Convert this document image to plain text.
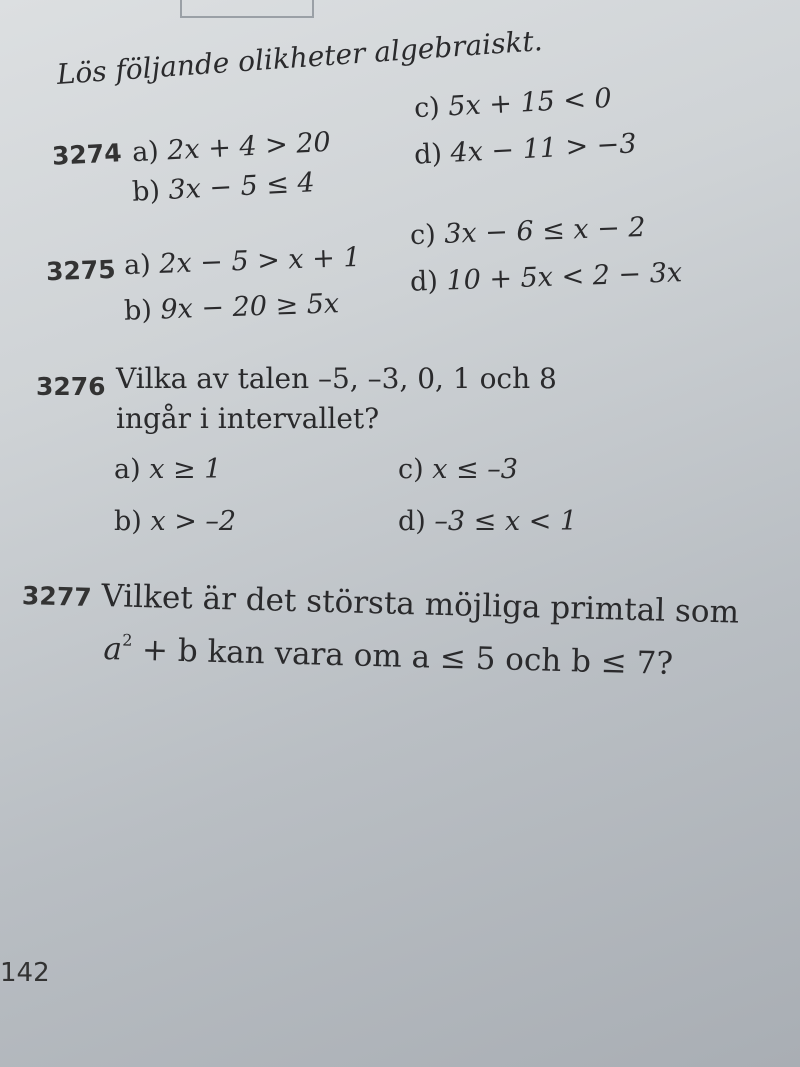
Lös följande olikheter algebraiskt.
3274 a) 2x + 4 > 20
b) 3x − 5 ≤ 4
c) 5x + 15 < 0
d) 4x − 11 > −3
3275 a) 2x − 5 > x + 1
b) 9x − 20 ≥ 5x
c) 3x − 6 ≤ x − 2
d) 10 + 5x < 2 − 3x
3276 Vilka av talen –5, –3, 0, 1 och 8
ingår i intervallet?
a) x ≥ 1
b) x > –2
c) x ≤ –3
d) –3 ≤ x < 1
3277 Vilket är det största möjliga primtal som
$a^2 + b$ kan vara om a ≤ 5 och b ≤ 7?
142
